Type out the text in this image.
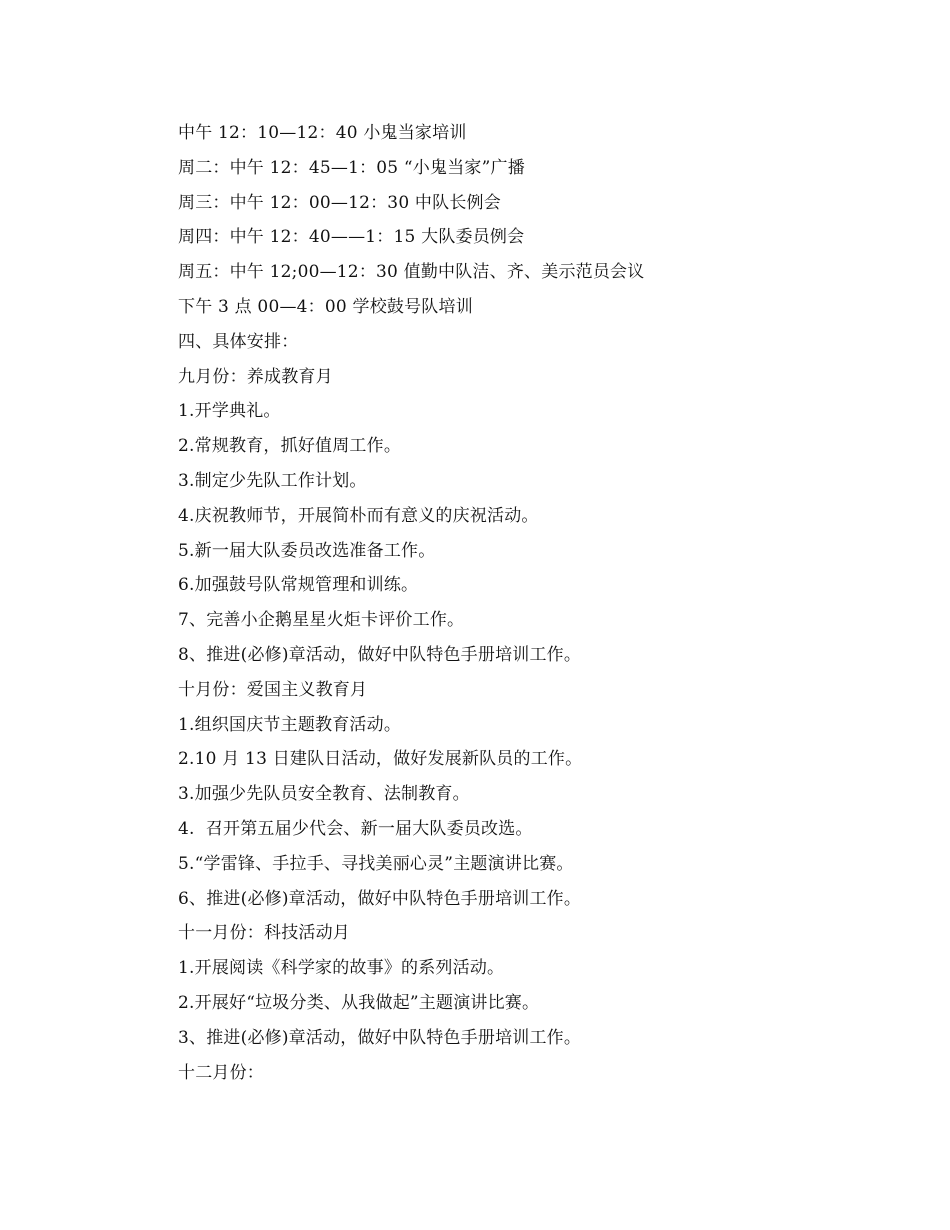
中午 12：10—12：40 小鬼当家培训
周二：中午 12：45—1：05 “小鬼当家”广播
周三：中午 12：00—12：30 中队长例会
周四：中午 12：40——1：15 大队委员例会
周五：中午 12;00—12：30 值勤中队洁、齐、美示范员会议
下午 3 点 00—4：00 学校鼓号队培训
四、具体安排：
九月份：养成教育月
1.开学典礼。
2.常规教育，抓好值周工作。
3.制定少先队工作计划。
4.庆祝教师节，开展简朴而有意义的庆祝活动。
5.新一届大队委员改选准备工作。
6.加强鼓号队常规管理和训练。
7、完善小企鹅星星火炬卡评价工作。
8、推进(必修)章活动，做好中队特色手册培训工作。
十月份：爱国主义教育月
1.组织国庆节主题教育活动。
2.10 月 13 日建队日活动，做好发展新队员的工作。
3.加强少先队员安全教育、法制教育。
4.  召开第五届少代会、新一届大队委员改选。
5.“学雷锋、手拉手、寻找美丽心灵”主题演讲比赛。
6、推进(必修)章活动，做好中队特色手册培训工作。
十一月份：科技活动月
1.开展阅读《科学家的故事》的系列活动。
2.开展好“垃圾分类、从我做起”主题演讲比赛。
3、推进(必修)章活动，做好中队特色手册培训工作。
十二月份：
